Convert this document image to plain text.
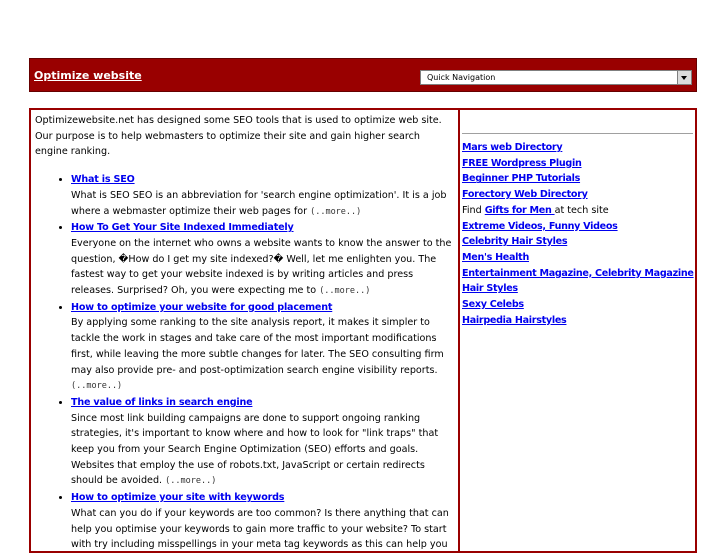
Optimize website	Quick Navigation

Optimizewebsite.net has designed some SEO tools that is used to optimize web site. Our purpose is to help webmasters to optimize their site and gain higher search engine ranking.

• What is SEO
What is SEO SEO is an abbreviation for 'search engine optimization'. It is a job where a webmaster optimize their web pages for (..more..)
• How To Get Your Site Indexed Immediately
Everyone on the internet who owns a website wants to know the answer to the question, �How do I get my site indexed?� Well, let me enlighten you. The fastest way to get your website indexed is by writing articles and press releases. Surprised? Oh, you were expecting me to (..more..)
• How to optimize your website for good placement
By applying some ranking to the site analysis report, it makes it simpler to tackle the work in stages and take care of the most important modifications first, while leaving the more subtle changes for later. The SEO consulting firm may also provide pre- and post-optimization search engine visibility reports. (..more..)
• The value of links in search engine
Since most link building campaigns are done to support ongoing ranking strategies, it's important to know where and how to look for "link traps" that keep you from your Search Engine Optimization (SEO) efforts and goals. Websites that employ the use of robots.txt, JavaScript or certain redirects should be avoided. (..more..)
• How to optimize your site with keywords
What can you do if your keywords are too common? Is there anything that can help you optimise your keywords to gain more traffic to your website? To start with try including misspellings in your meta tag keywords as this can help you
Mars web Directory
FREE Wordpress Plugin
Beginner PHP Tutorials
Forectory Web Directory
Find Gifts for Men at tech site
Extreme Videos, Funny Videos
Celebrity Hair Styles
Men's Health
Entertainment Magazine, Celebrity Magazine
Hair Styles
Sexy Celebs
Hairpedia Hairstyles
